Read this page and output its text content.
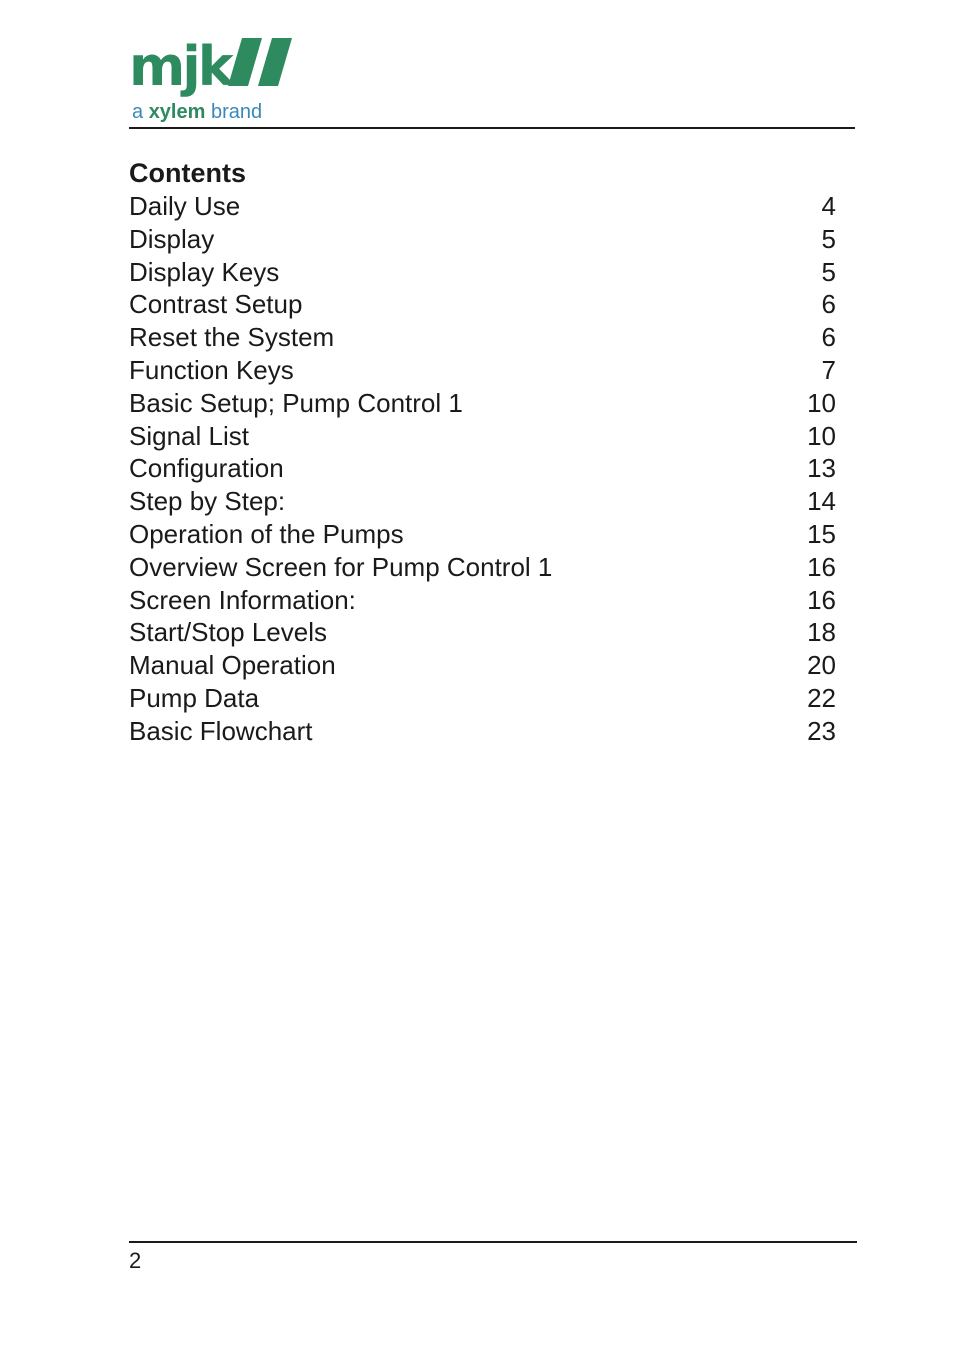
mjk
a xylem brand
Contents
Daily Use	4
Display	5
Display Keys	5
Contrast Setup	6
Reset the System	6
Function Keys	7
Basic Setup; Pump Control 1	10
Signal List	10
Configuration	13
Step by Step:	14
Operation of the Pumps	15
Overview Screen for Pump Control 1	16
Screen Information:	16
Start/Stop Levels	18
Manual Operation	20
Pump Data	22
Basic Flowchart	23
2
